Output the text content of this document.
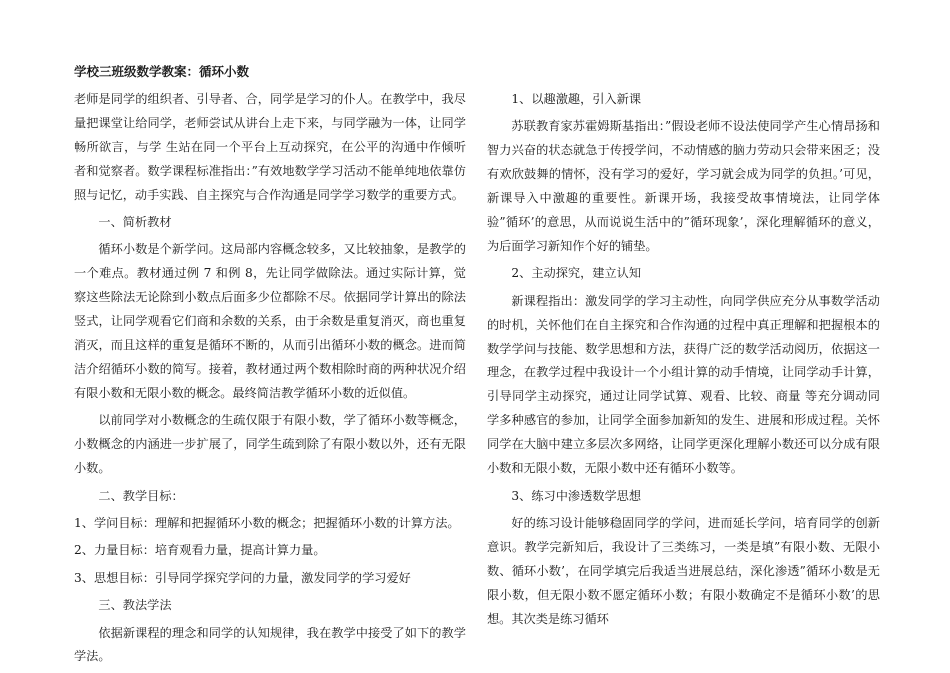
学校三班级数学教案：循环小数

老师是同学的组织者、引导者、合，同学是学习的仆人。在教学中，我尽量把课堂让给同学，老师尝试从讲台上走下来，与同学融为一体，让同学畅所欲言，与学 生站在同一个平台上互动探究，在公平的沟通中作倾听者和觉察者。数学课程标准指出：”有效地数学学习活动不能单纯地依靠仿照与记忆，动手实践、自主探究与合作沟通是同学学习数学的重要方式。

一、简析教材

循环小数是个新学问。这局部内容概念较多，又比较抽象，是教学的一个难点。教材通过例 7 和例 8，先让同学做除法。通过实际计算，觉察这些除法无论除到小数点后面多少位都除不尽。依据同学计算出的除法竖式，让同学观看它们商和余数的关系，由于余数是重复消灭，商也重复消灭，而且这样的重复是循环不断的，从而引出循环小数的概念。进而简洁介绍循环小数的简写。接着，教材通过两个数相除时商的两种状况介绍有限小数和无限小数的概念。最终简洁教学循环小数的近似值。

以前同学对小数概念的生疏仅限于有限小数，学了循环小数等概念，小数概念的内涵进一步扩展了，同学生疏到除了有限小数以外，还有无限小数。

二、教学目标：

1、学问目标：理解和把握循环小数的概念；把握循环小数的计算方法。

2、力量目标：培育观看力量，提高计算力量。

3、思想目标：引导同学探究学问的力量，激发同学的学习爱好

三、教法学法

依据新课程的理念和同学的认知规律，我在教学中接受了如下的教学学法。

1、以趣激趣，引入新课

苏联教育家苏霍姆斯基指出：”假设老师不设法使同学产生心情昂扬和智力兴奋的状态就急于传授学问，不动情感的脑力劳动只会带来困乏；没有欢欣鼓舞的情怀，没有学习的爱好，学习就会成为同学的负担。’可见，新课导入中激趣的重要性。新课开场，我接受故事情境法，让同学体验”循环’的意思，从而说说生活中的”循环现象’，深化理解循环的意义，为后面学习新知作个好的铺垫。

2、主动探究，建立认知

新课程指出：激发同学的学习主动性，向同学供应充分从事数学活动的时机，关怀他们在自主探究和合作沟通的过程中真正理解和把握根本的数学学问与技能、数学思想和方法，获得广泛的数学活动阅历，依据这一理念，在教学过程中我设计一个小组计算的动手情境，让同学动手计算，引导同学主动探究，通过让同学试算、观看、比较、商量 等充分调动同学多种感官的参加，让同学全面参加新知的发生、进展和形成过程。关怀同学在大脑中建立多层次多网络，让同学更深化理解小数还可以分成有限小数和无限小数，无限小数中还有循环小数等。

3、练习中渗透数学思想

好的练习设计能够稳固同学的学问，进而延长学问，培育同学的创新意识。教学完新知后，我设计了三类练习，一类是填”有限小数、无限小数、循环小数’，在同学填完后我适当进展总结，深化渗透”循环小数是无限小数，但无限小数不愿定循环小数；有限小数确定不是循环小数’的思想。其次类是练习循环
